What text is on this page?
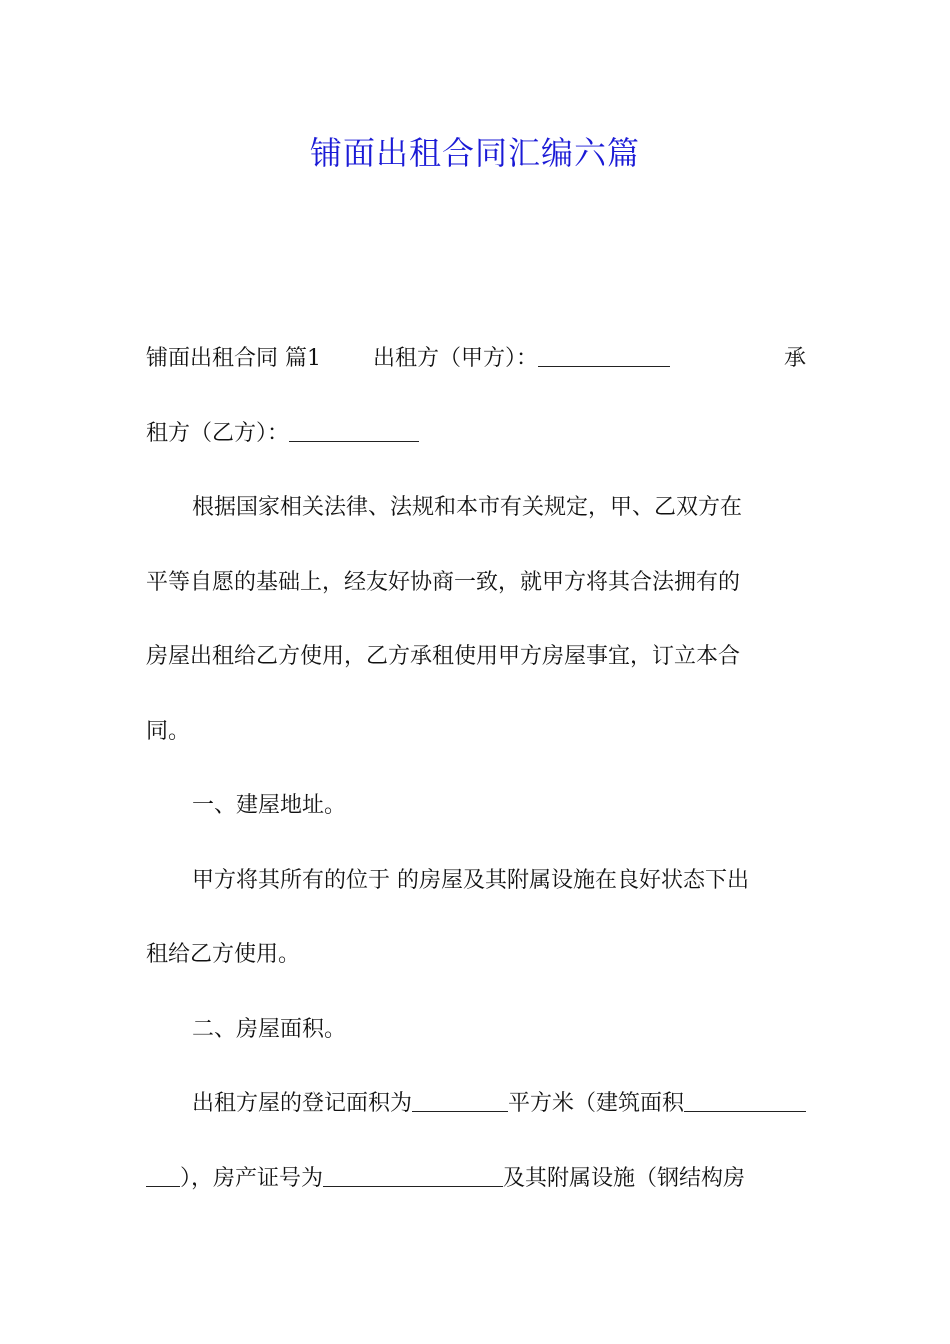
铺面出租合同汇编六篇
铺面出租合同 篇1 出租方（甲方）：	承
租方（乙方）：
根据国家相关法律、法规和本市有关规定，甲、乙双方在
平等自愿的基础上，经友好协商一致，就甲方将其合法拥有的
房屋出租给乙方使用，乙方承租使用甲方房屋事宜，订立本合
同。
一、建屋地址。
甲方将其所有的位于 的房屋及其附属设施在良好状态下出
租给乙方使用。
二、房屋面积。
出租方屋的登记面积为	平方米（建筑面积
），房产证号为	及其附属设施（钢结构房
